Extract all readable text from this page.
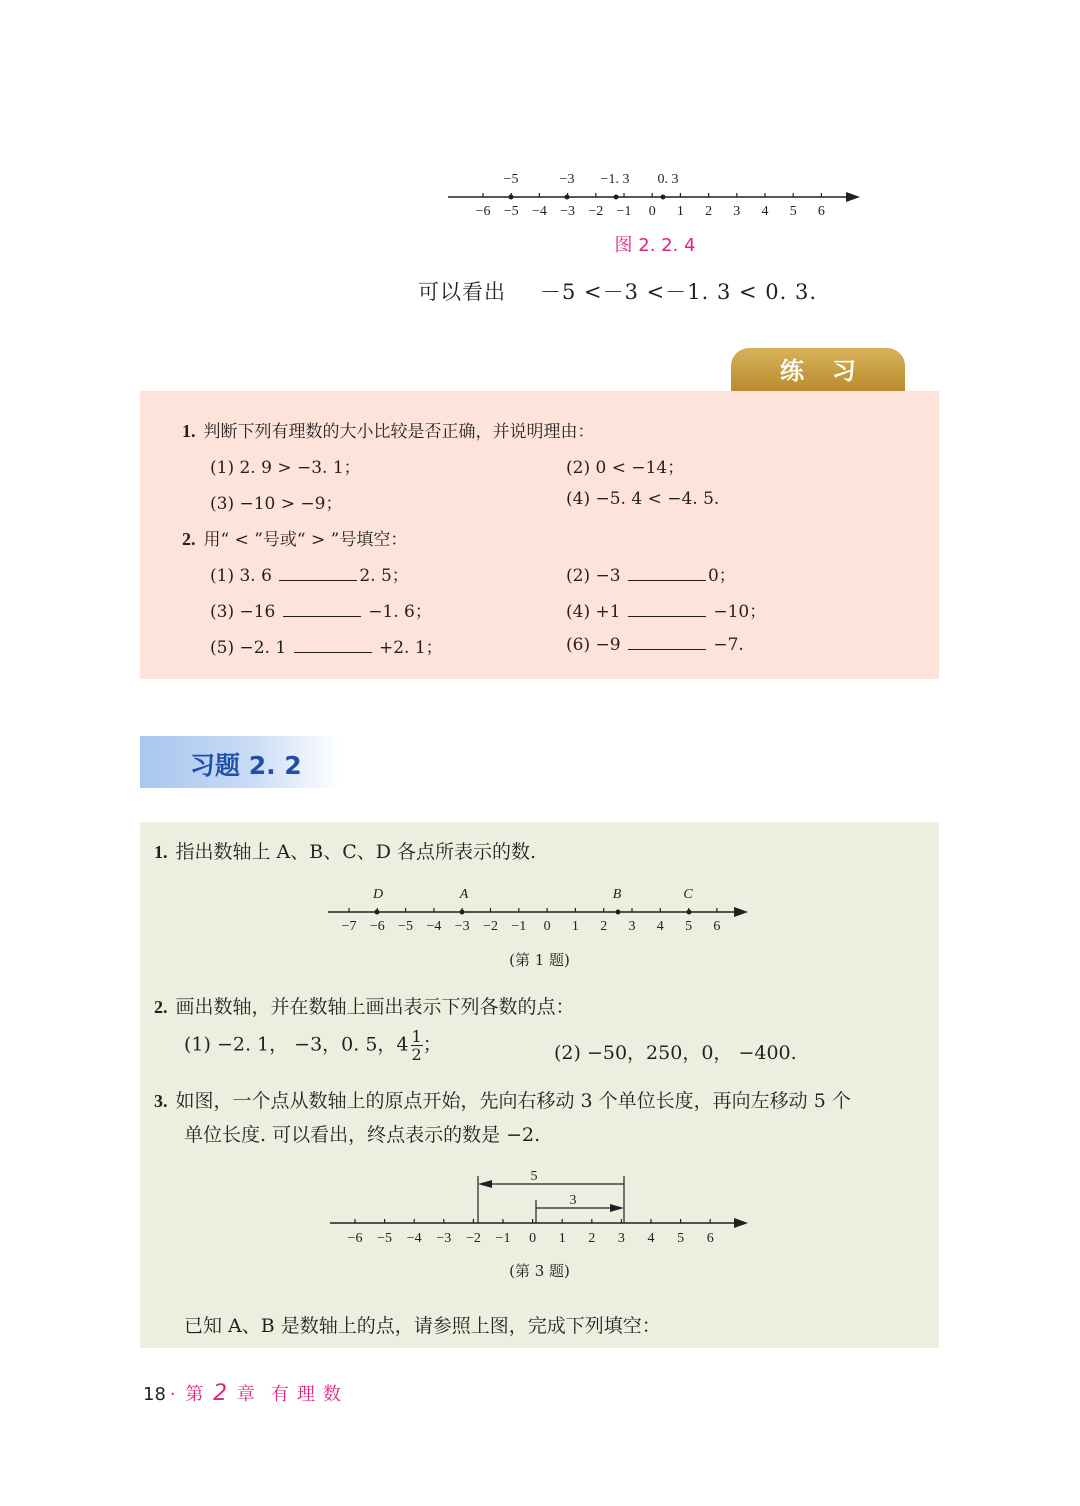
−6 −5 −4 −3 −2 −1 0 1 2 3 4 5 6
−5	−3 −1. 3 0. 3
图 2. 2. 4
可以看出 －5 <－3 <－1. 3 < 0. 3.
练习
1. 判断下列有理数的大小比较是否正确，并说明理由：
(1) 2. 9 > −3. 1；	(2) 0 < −14；
(3) −10 > −9；	(4) −5. 4 < −4. 5.
2. 用“ < ”号或“ > ”号填空：
(1) 3. 6	2. 5；	(2) −3	0；
(3) −16	−1. 6；	(4) +1	−10；
(5) −2. 1	+2. 1；	(6) −9	−7.
习题 2. 2
1. 指出数轴上 A、B、C、D 各点所表示的数.
−7 −6 −5 −4 −3 −2 −1 0 1 2 3 4 5 6
D	A	B	C
(第 1 题)
2. 画出数轴，并在数轴上画出表示下列各数的点：
(1) −2. 1， −3，0. 5，$4 \frac{1}{2}$ ；	(2) −50，250，0， −400.
3. 如图，一个点从数轴上的原点开始，先向右移动 3 个单位长度，再向左移动 5 个
单位长度. 可以看出，终点表示的数是 −2.
−6 −5 −4 −3 −2 −1 0 1 2 3 4 5 6
5
3
(第 3 题)
已知 A、B 是数轴上的点，请参照上图，完成下列填空：
18 · 第 2 章 有理数
